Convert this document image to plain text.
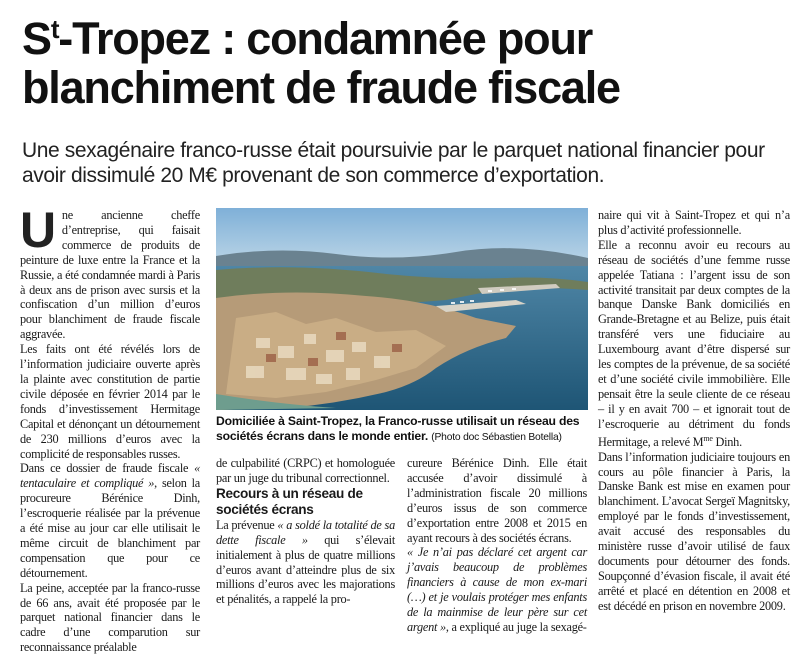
$S^t$-Tropez : condamnée pour blanchiment de fraude fiscale

Une sexagénaire franco-russe était poursuivie par le parquet national financier pour avoir dissimulé 20 M€ provenant de son commerce d’exportation.

Une ancienne cheffe d’entreprise, qui faisait commerce de produits de peinture de luxe entre la France et la Russie, a été condamnée mardi à Paris à deux ans de prison avec sursis et la confiscation d’un million d’euros pour blanchiment de fraude fiscale aggravée.

Les faits ont été révélés lors de l’information judiciaire ouverte après la plainte avec constitution de partie civile déposée en février 2014 par le fonds d’investissement Hermitage Capital et dénonçant un détournement de 230 millions d’euros avec la complicité de responsables russes.

Dans ce dossier de fraude fiscale « tentaculaire et compliqué », selon la procureure Bérénice Dinh, l’escroquerie réalisée par la prévenue a été mise au jour car elle utilisait le même circuit de blanchiment par compensation que pour ce détournement.

La peine, acceptée par la franco-russe de 66 ans, avait été proposée par le parquet national financier dans le cadre d’une comparution sur reconnaissance préalable

Domiciliée à Saint-Tropez, la Franco-russe utilisait un réseau des sociétés écrans dans le monde entier. (Photo doc Sébastien Botella)

de culpabilité (CRPC) et homologuée par un juge du tribunal correctionnel.

Recours à un réseau de sociétés écrans

La prévenue « a soldé la totalité de sa dette fiscale » qui s’élevait initialement à plus de quatre millions d’euros avant d’atteindre plus de six millions d’euros avec les majorations et pénalités, a rappelé la pro-

cureure Bérénice Dinh. Elle était accusée d’avoir dissimulé à l’administration fiscale 20 millions d’euros issus de son commerce d’exportation entre 2008 et 2015 en ayant recours à des sociétés écrans.

« Je n’ai pas déclaré cet argent car j’avais beaucoup de problèmes financiers à cause de mon ex-mari (…) et je voulais protéger mes enfants de la mainmise de leur père sur cet argent », a expliqué au juge la sexagé-

naire qui vit à Saint-Tropez et qui n’a plus d’activité professionnelle.

Elle a reconnu avoir eu recours au réseau de sociétés d’une femme russe appelée Tatiana : l’argent issu de son activité transitait par deux comptes de la banque Danske Bank domiciliés en Grande-Bretagne et au Belize, puis était transféré vers une fiduciaire au Luxembourg avant d’être dispersé sur les comptes de la prévenue, de sa société et d’une société civile immobilière. Elle pensait être la seule cliente de ce réseau – il y en avait 700 – et ignorait tout de l’escroquerie au détriment du fonds Hermitage, a relevé $M^{me}$ Dinh.

Dans l’information judiciaire toujours en cours au pôle financier à Paris, la Danske Bank est mise en examen pour blanchiment. L’avocat Sergeï Magnitsky, employé par le fonds d’investissement, avait accusé des responsables du ministère russe d’avoir utilisé de faux documents pour détourner des fonds. Soupçonné d’évasion fiscale, il avait été arrêté et placé en détention en 2008 et est décédé en prison en novembre 2009.
